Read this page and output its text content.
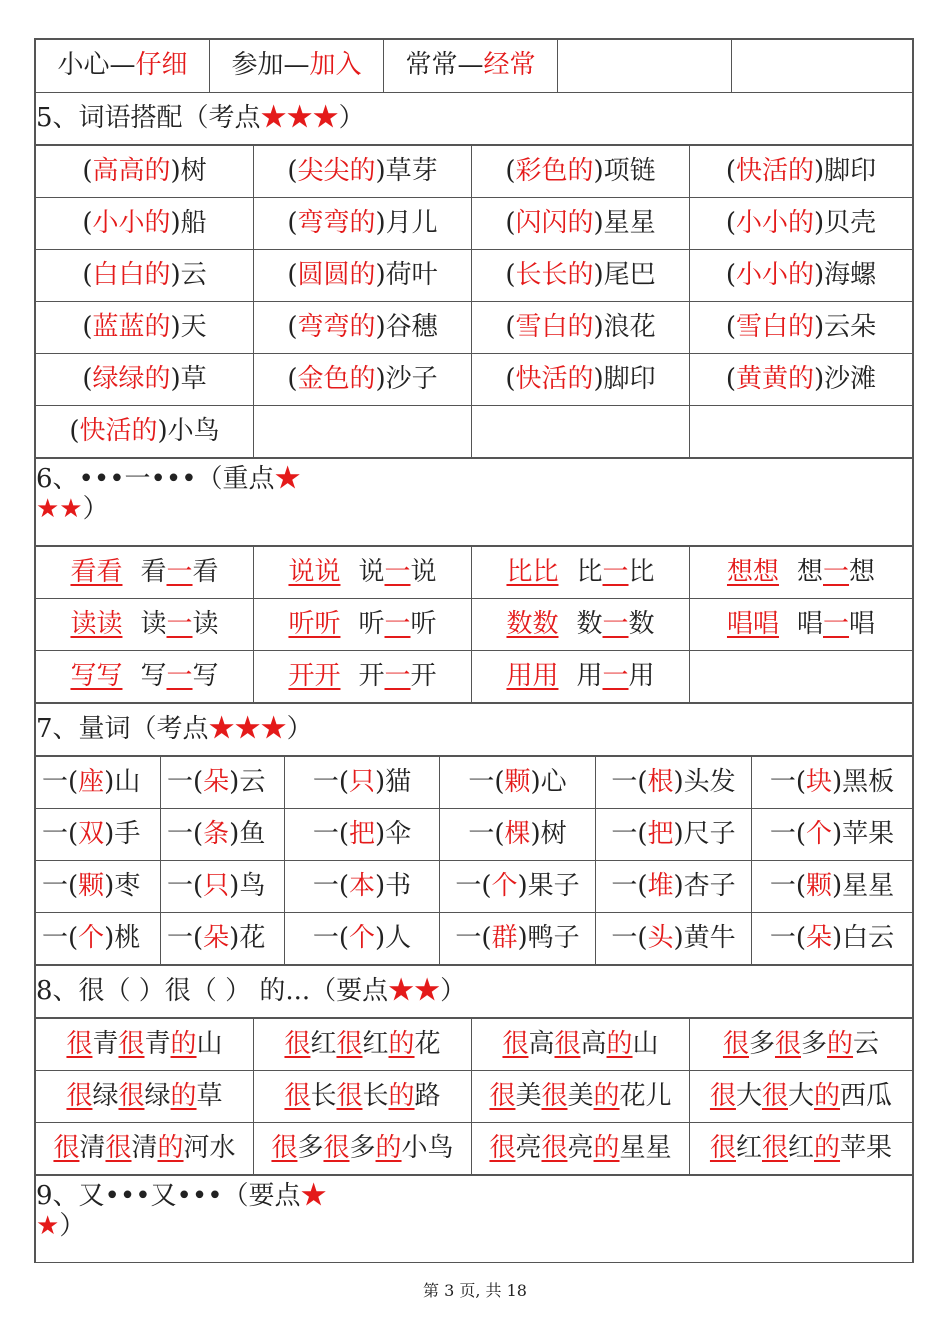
小心—仔细	参加—加入	常常—经常		
5、词语搭配（考点★★★）
(高高的)树	(尖尖的)草芽	(彩色的)项链	(快活的)脚印
(小小的)船	(弯弯的)月儿	(闪闪的)星星	(小小的)贝壳
(白白的)云	(圆圆的)荷叶	(长长的)尾巴	(小小的)海螺
(蓝蓝的)天	(弯弯的)谷穗	(雪白的)浪花	(雪白的)云朵
(绿绿的)草	(金色的)沙子	(快活的)脚印	(黄黄的)沙滩
(快活的)小鸟			
6、•••一•••（重点★
★★）
看看 看一看	说说 说一说	比比 比一比	想想 想一想
读读 读一读	听听 听一听	数数 数一数	唱唱 唱一唱
写写 写一写	开开 开一开	用用 用一用	
7、量词（考点★★★）
一(座)山	一(朵)云	一(只)猫	一(颗)心	一(根)头发	一(块)黑板
一(双)手	一(条)鱼	一(把)伞	一(棵)树	一(把)尺子	一(个)苹果
一(颗)枣	一(只)鸟	一(本)书	一(个)果子	一(堆)杏子	一(颗)星星
一(个)桃	一(朵)花	一(个)人	一(群)鸭子	一(头)黄牛	一(朵)白云
8、很（ ）很（ ） 的...（要点★★）
很青很青的山	很红很红的花	很高很高的山	很多很多的云
很绿很绿的草	很长很长的路	很美很美的花儿	很大很大的西瓜
很清很清的河水	很多很多的小鸟	很亮很亮的星星	很红很红的苹果
9、又•••又•••（要点★
★）
第 3 页, 共 18
